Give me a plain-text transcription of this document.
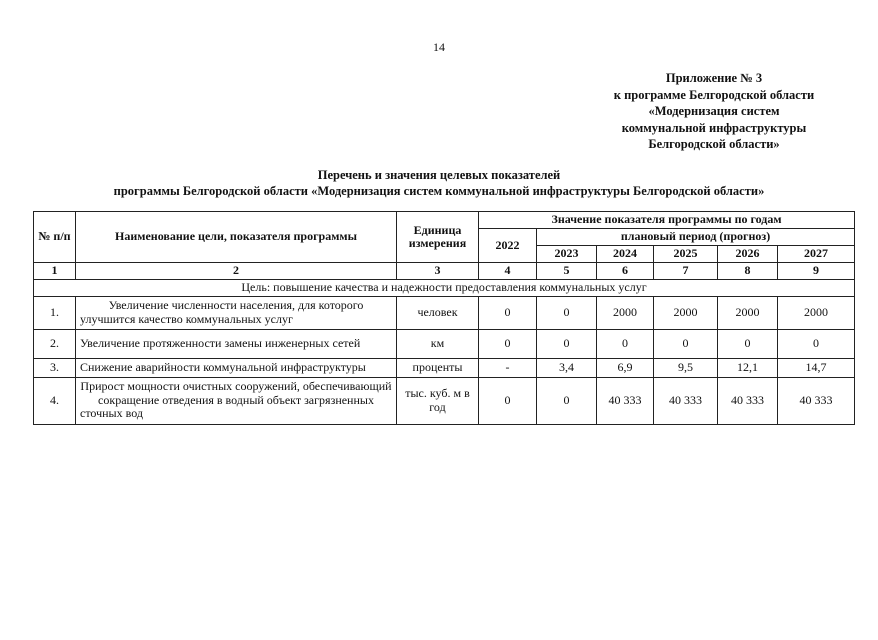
14
Приложение № 3
к программе Белгородской области
«Модернизация систем
коммунальной инфраструктуры
Белгородской области»
Перечень и значения целевых показателей
программы Белгородской области «Модернизация систем коммунальной инфраструктуры Белгородской области»
№ п/п	Наименование цели, показателя программы	Единица измерения	Значение показателя программы по годам					
			2022	плановый период (прогноз)				
				2023	2024	2025	2026	2027
1	2	3	4	5	6	7	8	9
Цель: повышение качества и надежности предоставления коммунальных услуг								
1.	Увеличение численности населения, для которого улучшится качество коммунальных услуг	человек	0	0	2000	2000	2000	2000
2.	Увеличение протяженности замены инженерных сетей	км	0	0	0	0	0	0
3.	Снижение аварийности коммунальной инфраструктуры	проценты	-	3,4	6,9	9,5	12,1	14,7
4.	Прирост мощности очистных сооружений, обеспечивающий сокращение отведения в водный объект загрязненных сточных вод	тыс. куб. м в год	0	0	40 333	40 333	40 333	40 333
